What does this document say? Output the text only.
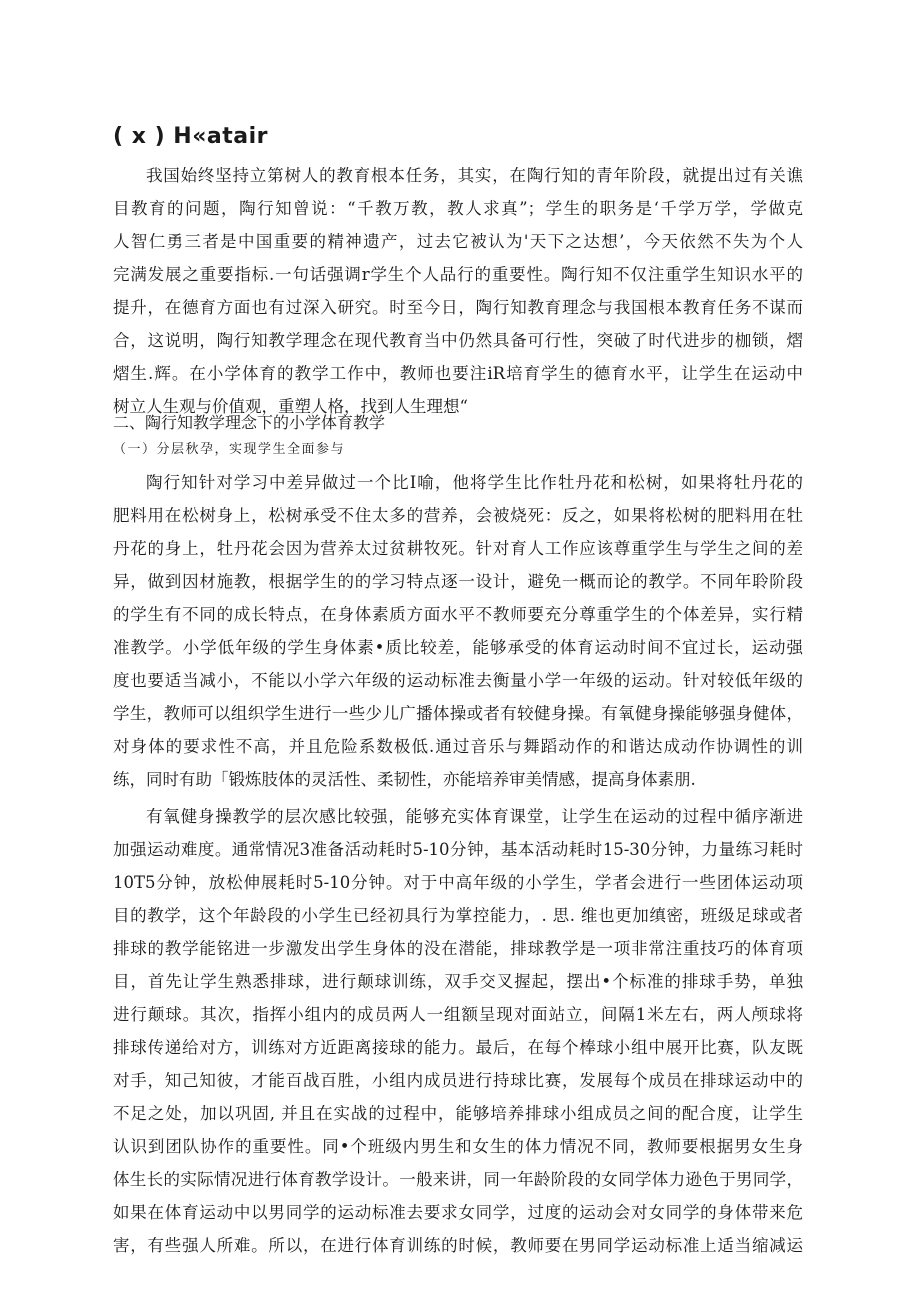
( x ) H«atair
我国始终坚持立第树人的教育根本任务，其实，在陶行知的青年阶段，就提出过有关谯
目教育的问题，陶行知曾说：“千教万教，教人求真”；学生的职务是‘千学万学，学做克
人智仁勇三者是中国重要的精神遗产，过去它被认为'天下之达想’，今天依然不失为个人
完满发展之重要指标.一句话强调r学生个人品行的重要性。陶行知不仅注重学生知识水平的
提升，在德育方面也有过深入研究。时至今日，陶行知教育理念与我国根本教育任务不谋而
合，这说明，陶行知教学理念在现代教育当中仍然具备可行性，突破了时代进步的枷锁，熠
熠生.辉。在小学体育的教学工作中，教师也要注iR培育学生的德育水平，让学生在运动中
树立人生观与价值观，重塑人格，找到人生理想“
二、陶行知教学理念下的小学体育教学
（一）分层秋孕，实现学生全面参与
陶行知针对学习中差异做过一个比I喻，他将学生比作牡丹花和松树，如果将牡丹花的
肥料用在松树身上，松树承受不住太多的营养，会被烧死：反之，如果将松树的肥料用在牡
丹花的身上，牡丹花会因为营养太过贫耕牧死。针对育人工作应该尊重学生与学生之间的差
异，做到因材施教，根据学生的的学习特点逐一设计，避免一概而论的教学。不同年聆阶段
的学生有不同的成长特点，在身体素质方面水平不教师要充分尊重学生的个体差异，实行精
准教学。小学低年级的学生身体素•质比较差，能够承受的体育运动时间不宜过长，运动强
度也要适当减小，不能以小学六年级的运动标准去衡量小学一年级的运动。针对较低年级的
学生，教师可以组织学生进行一些少儿广播体操或者有较健身操。有氧健身操能够强身健体，
对身体的要求性不高，并且危险系数极低.通过音乐与舞蹈动作的和谐达成动作协调性的训
练，同时有助「锻炼肢体的灵活性、柔韧性，亦能培养审美情感，提高身体素朋.
有氧健身操教学的层次感比较强，能够充实体育课堂，让学生在运动的过程中循序渐进
加强运动难度。通常情况3准备活动耗时5-10分钟，基本活动耗时15-30分钟，力量练习耗时
10T5分钟，放松伸展耗时5-10分钟。对于中高年级的小学生，学者会进行一些团体运动项
目的教学，这个年龄段的小学生已经初具行为掌控能力，. 思. 维也更加缜密，班级足球或者
排球的教学能铭进一步激发出学生身体的没在潜能，排球教学是一项非常注重技巧的体育项
目，首先让学生熟悉排球，进行颠球训练，双手交叉握起，摆出•个标准的排球手势，单独
进行颠球。其次，指挥小组内的成员两人一组额呈现对面站立，间隔1米左右，两人颅球将
排球传递给对方，训练对方近距离接球的能力。最后，在每个棒球小组中展开比赛，队友既
对手，知己知彼，才能百战百胜，小组内成员进行持球比赛，发展每个成员在排球运动中的
不足之处，加以巩固, 并且在实战的过程中，能够培养排球小组成员之间的配合度，让学生
认识到团队协作的重要性。同•个班级内男生和女生的体力情况不同，教师要根据男女生身
体生长的实际情况进行体育教学设计。一般来讲，同一年龄阶段的女同学体力逊色于男同学，
如果在体育运动中以男同学的运动标准去要求女同学，过度的运动会对女同学的身体带来危
害，有些强人所难。所以，在进行体育训练的时候，教师要在男同学运动标准上适当缩减运
